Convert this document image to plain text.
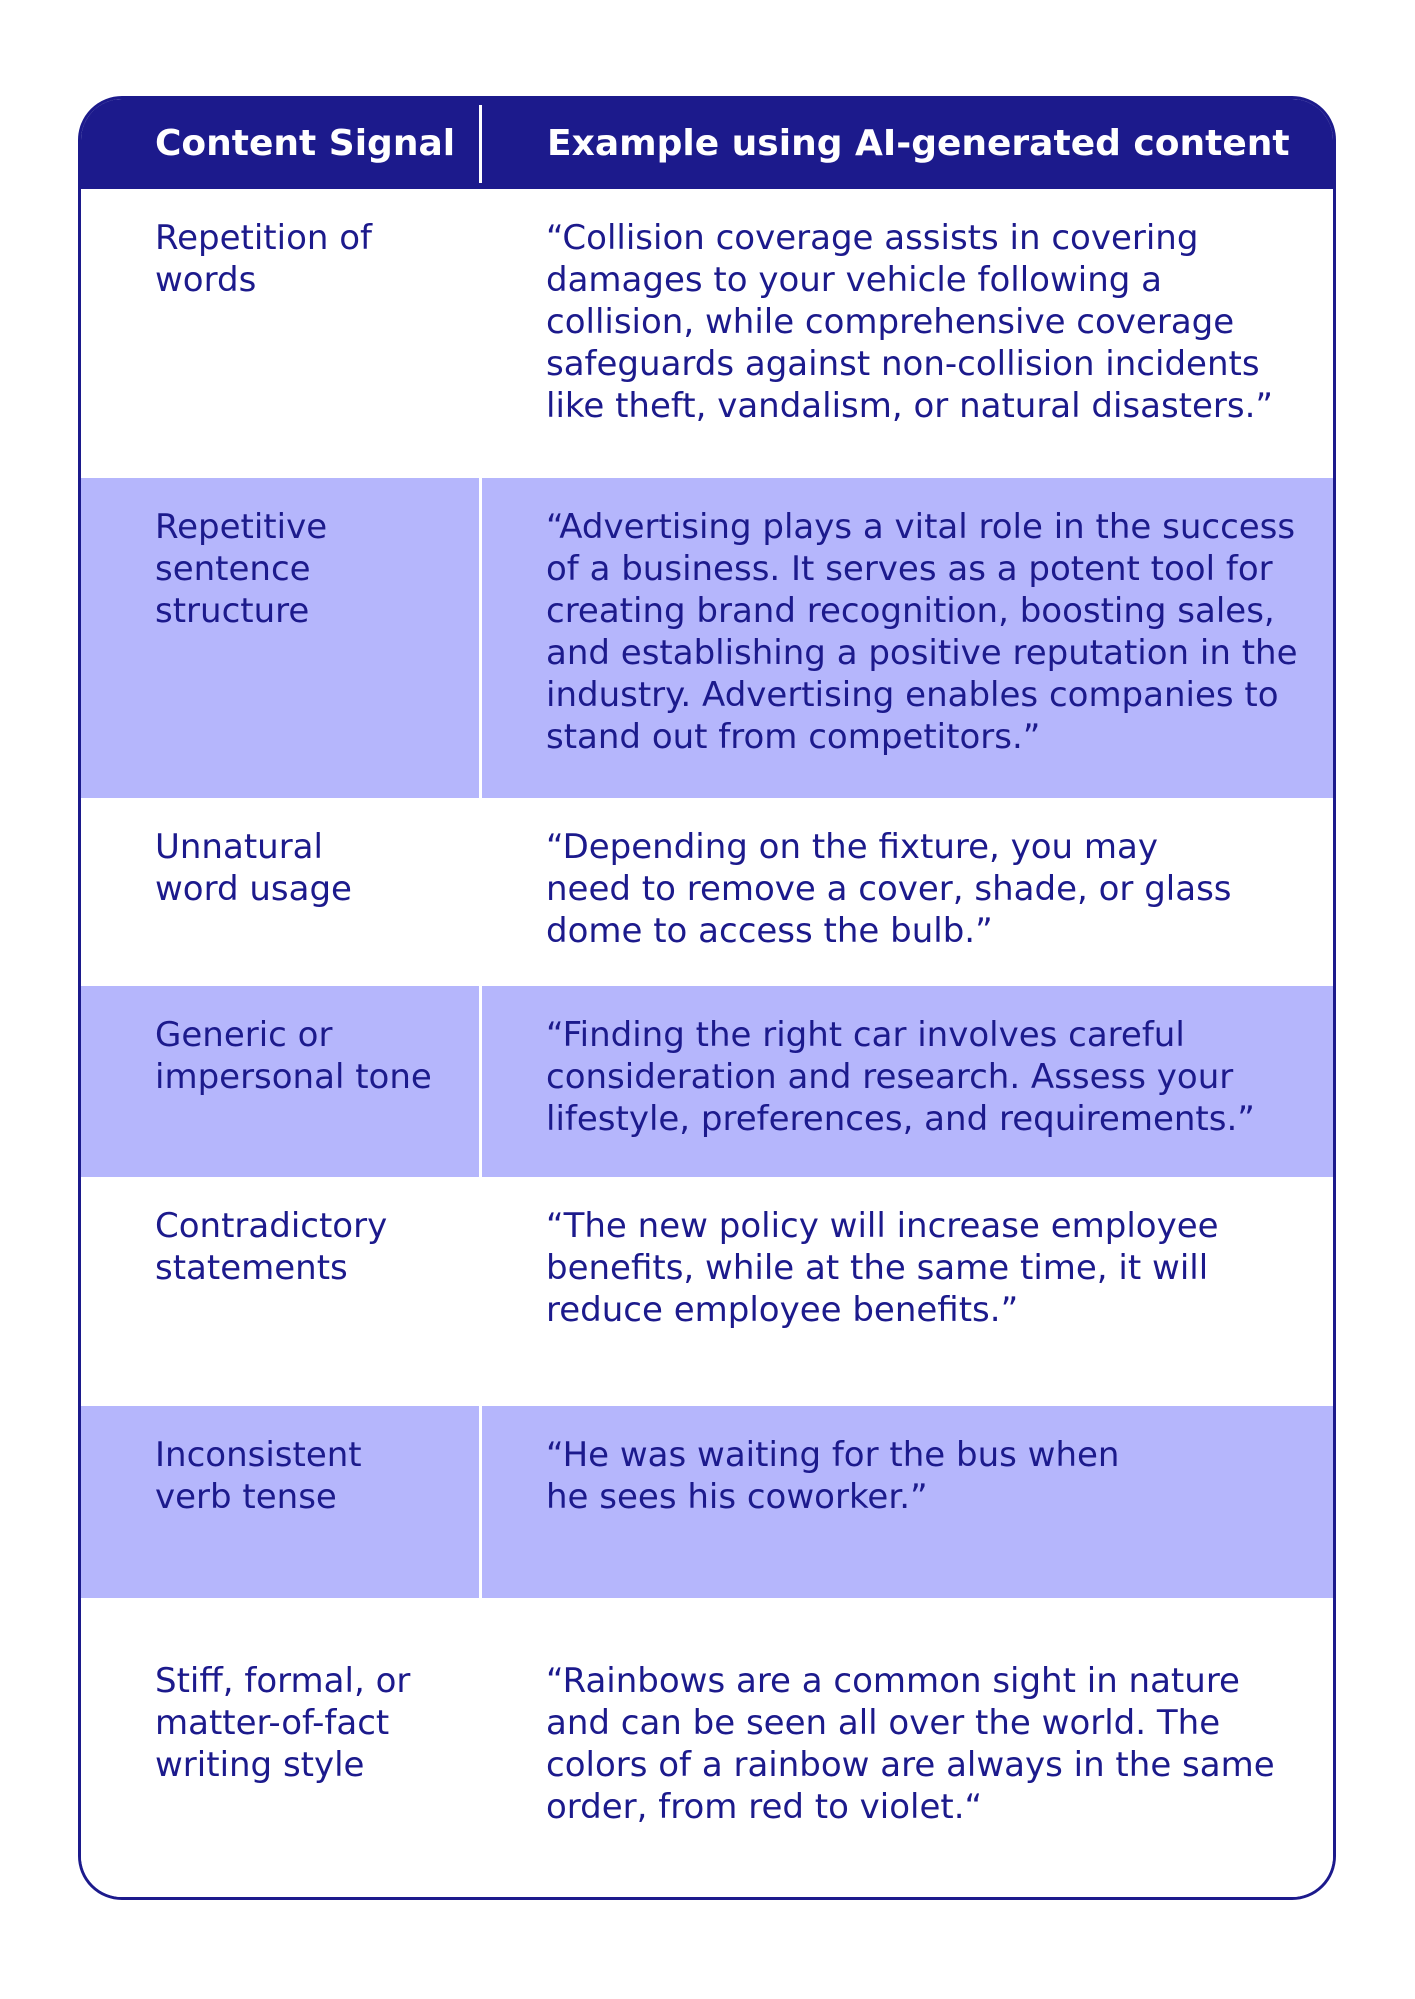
Content Signal	Example using AI-generated content
Repetition of
words
“Collision coverage assists in covering
damages to your vehicle following a
collision, while comprehensive coverage
safeguards against non-collision incidents
like theft, vandalism, or natural disasters.”
Repetitive
sentence
structure
“Advertising plays a vital role in the success
of a business. It serves as a potent tool for
creating brand recognition, boosting sales,
and establishing a positive reputation in the
industry. Advertising enables companies to
stand out from competitors.”
Unnatural
word usage
“Depending on the fixture, you may
need to remove a cover, shade, or glass
dome to access the bulb.”
Generic or
impersonal tone
“Finding the right car involves careful
consideration and research. Assess your
lifestyle, preferences, and requirements.”
Contradictory
statements
“The new policy will increase employee
benefits, while at the same time, it will
reduce employee benefits.”
Inconsistent
verb tense
“He was waiting for the bus when
he sees his coworker.”
Stiff, formal, or
matter-of-fact
writing style
“Rainbows are a common sight in nature
and can be seen all over the world. The
colors of a rainbow are always in the same
order, from red to violet.“
